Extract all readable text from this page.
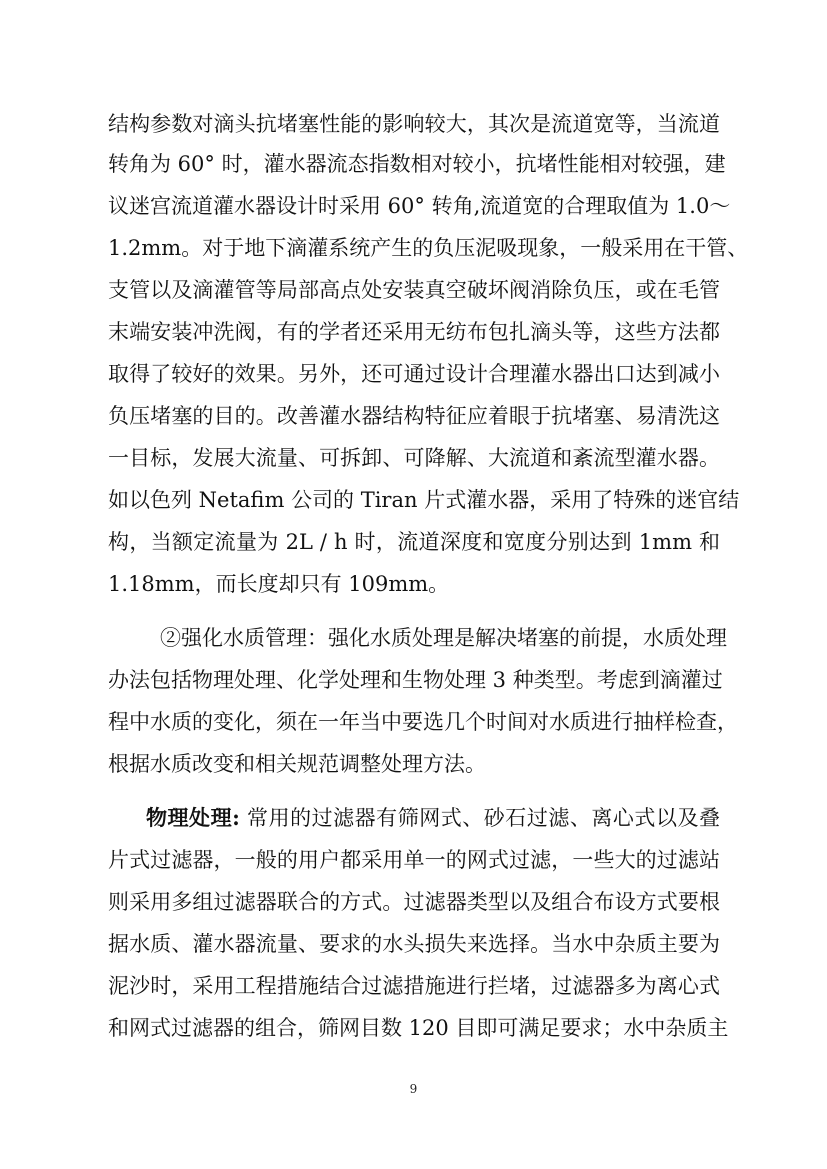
结构参数对滴头抗堵塞性能的影响较大，其次是流道宽等，当流道
转角为 60° 时，灌水器流态指数相对较小，抗堵性能相对较强，建
议迷宫流道灌水器设计时采用 60° 转角,流道宽的合理取值为 1.0～
1.2mm。对于地下滴灌系统产生的负压泥吸现象，一般采用在干管、
支管以及滴灌管等局部高点处安装真空破坏阀消除负压，或在毛管
末端安装冲洗阀，有的学者还采用无纺布包扎滴头等，这些方法都
取得了较好的效果。另外，还可通过设计合理灌水器出口达到减小
负压堵塞的目的。改善灌水器结构特征应着眼于抗堵塞、易清洗这
一目标，发展大流量、可拆卸、可降解、大流道和紊流型灌水器。
如以色列 Netafim 公司的 Tiran 片式灌水器，采用了特殊的迷官结
构，当额定流量为 2L / h 时，流道深度和宽度分别达到 1mm 和
1.18mm，而长度却只有 109mm。
②强化水质管理：强化水质处理是解决堵塞的前提，水质处理
办法包括物理处理、化学处理和生物处理 3 种类型。考虑到滴灌过
程中水质的变化，须在一年当中要选几个时间对水质进行抽样检查，
根据水质改变和相关规范调整处理方法。
物理处理: 常用的过滤器有筛网式、砂石过滤、离心式以及叠
片式过滤器，一般的用户都采用单一的网式过滤，一些大的过滤站
则采用多组过滤器联合的方式。过滤器类型以及组合布设方式要根
据水质、灌水器流量、要求的水头损失来选择。当水中杂质主要为
泥沙时，采用工程措施结合过滤措施进行拦堵，过滤器多为离心式
和网式过滤器的组合，筛网目数 120 目即可满足要求；水中杂质主
9
